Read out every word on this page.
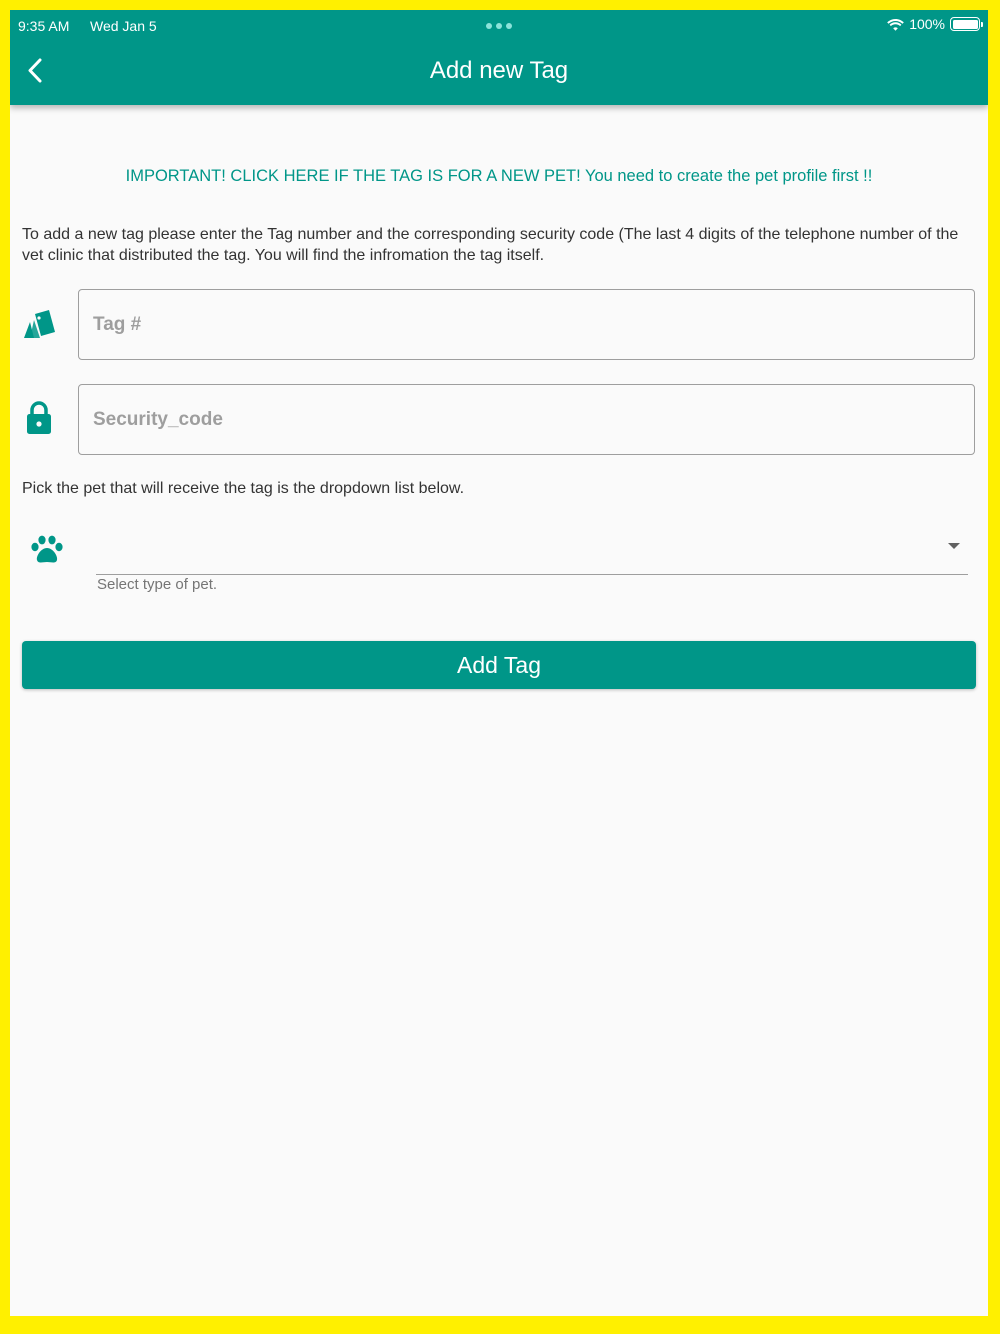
9:35 AM Wed Jan 5	100%
Add new Tag
IMPORTANT! CLICK HERE IF THE TAG IS FOR A NEW PET! You need to create the pet profile first !!
To add a new tag please enter the Tag number and the corresponding security code (The last 4 digits of the telephone number of the vet clinic that distributed the tag. You will find the infromation the tag itself.
Tag #
Security_code
Pick the pet that will receive the tag is the dropdown list below.
Select type of pet.
Add Tag
